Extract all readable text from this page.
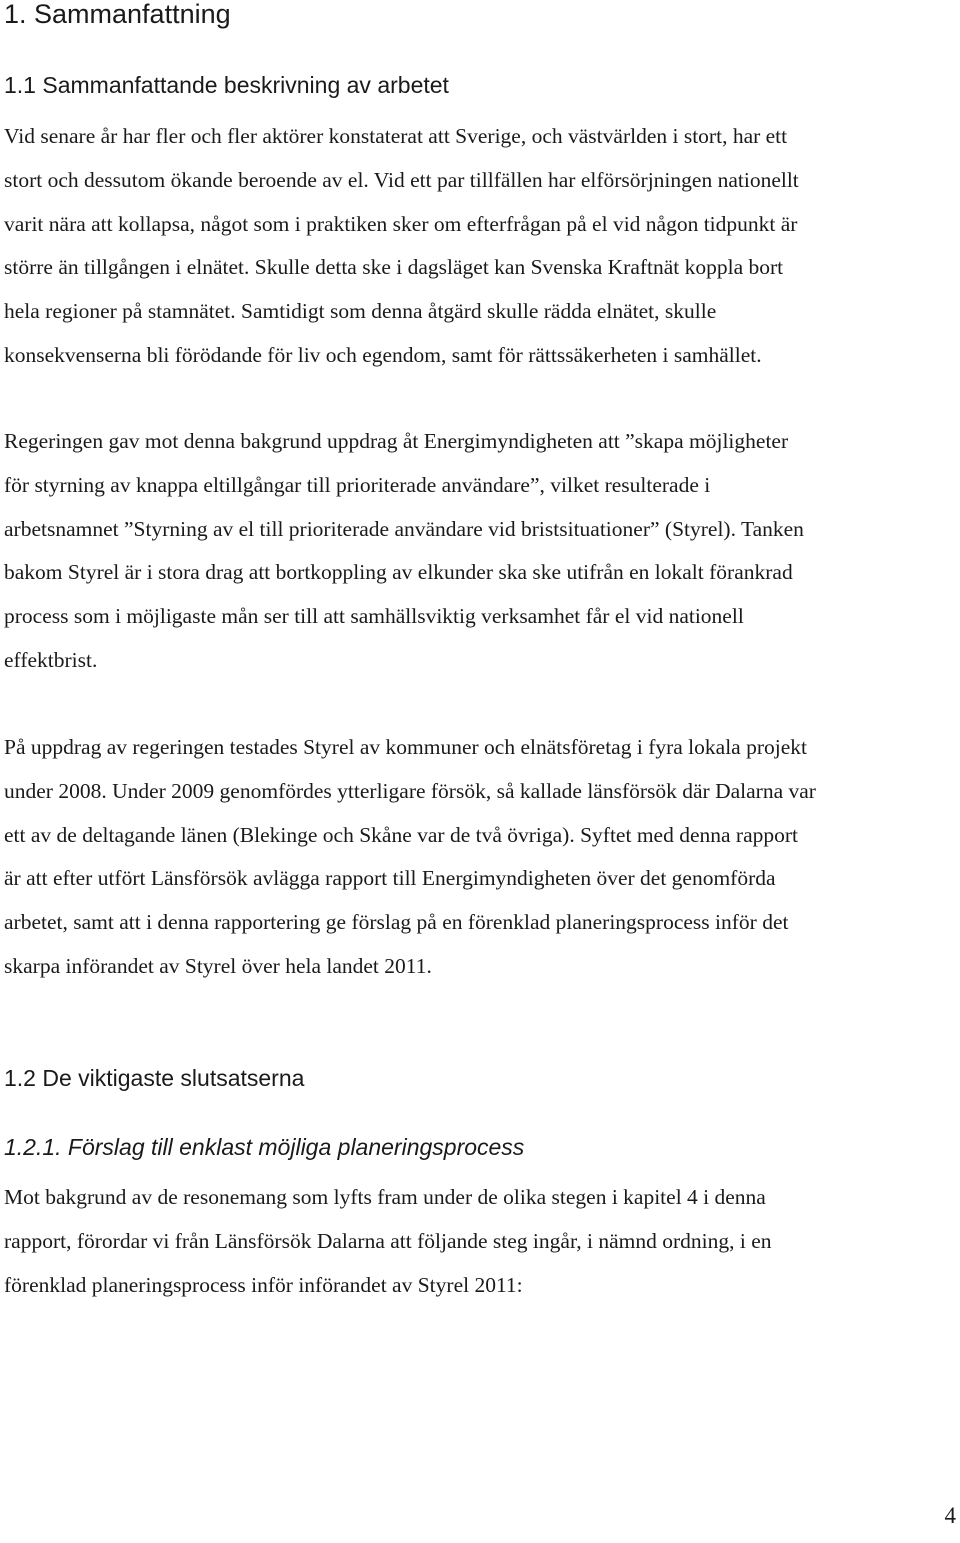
1. Sammanfattning
1.1 Sammanfattande beskrivning av arbetet
Vid senare år har fler och fler aktörer konstaterat att Sverige, och västvärlden i stort, har ett
stort och dessutom ökande beroende av el. Vid ett par tillfällen har elförsörjningen nationellt
varit nära att kollapsa, något som i praktiken sker om efterfrågan på el vid någon tidpunkt är
större än tillgången i elnätet. Skulle detta ske i dagsläget kan Svenska Kraftnät koppla bort
hela regioner på stamnätet. Samtidigt som denna åtgärd skulle rädda elnätet, skulle
konsekvenserna bli förödande för liv och egendom, samt för rättssäkerheten i samhället.
Regeringen gav mot denna bakgrund uppdrag åt Energimyndigheten att ”skapa möjligheter
för styrning av knappa eltillgångar till prioriterade användare”, vilket resulterade i
arbetsnamnet ”Styrning av el till prioriterade användare vid bristsituationer” (Styrel). Tanken
bakom Styrel är i stora drag att bortkoppling av elkunder ska ske utifrån en lokalt förankrad
process som i möjligaste mån ser till att samhällsviktig verksamhet får el vid nationell
effektbrist.
På uppdrag av regeringen testades Styrel av kommuner och elnätsföretag i fyra lokala projekt
under 2008. Under 2009 genomfördes ytterligare försök, så kallade länsförsök där Dalarna var
ett av de deltagande länen (Blekinge och Skåne var de två övriga). Syftet med denna rapport
är att efter utfört Länsförsök avlägga rapport till Energimyndigheten över det genomförda
arbetet, samt att i denna rapportering ge förslag på en förenklad planeringsprocess inför det
skarpa införandet av Styrel över hela landet 2011.
1.2 De viktigaste slutsatserna
1.2.1. Förslag till enklast möjliga planeringsprocess
Mot bakgrund av de resonemang som lyfts fram under de olika stegen i kapitel 4 i denna
rapport, förordar vi från Länsförsök Dalarna att följande steg ingår, i nämnd ordning, i en
förenklad planeringsprocess inför införandet av Styrel 2011:
4
